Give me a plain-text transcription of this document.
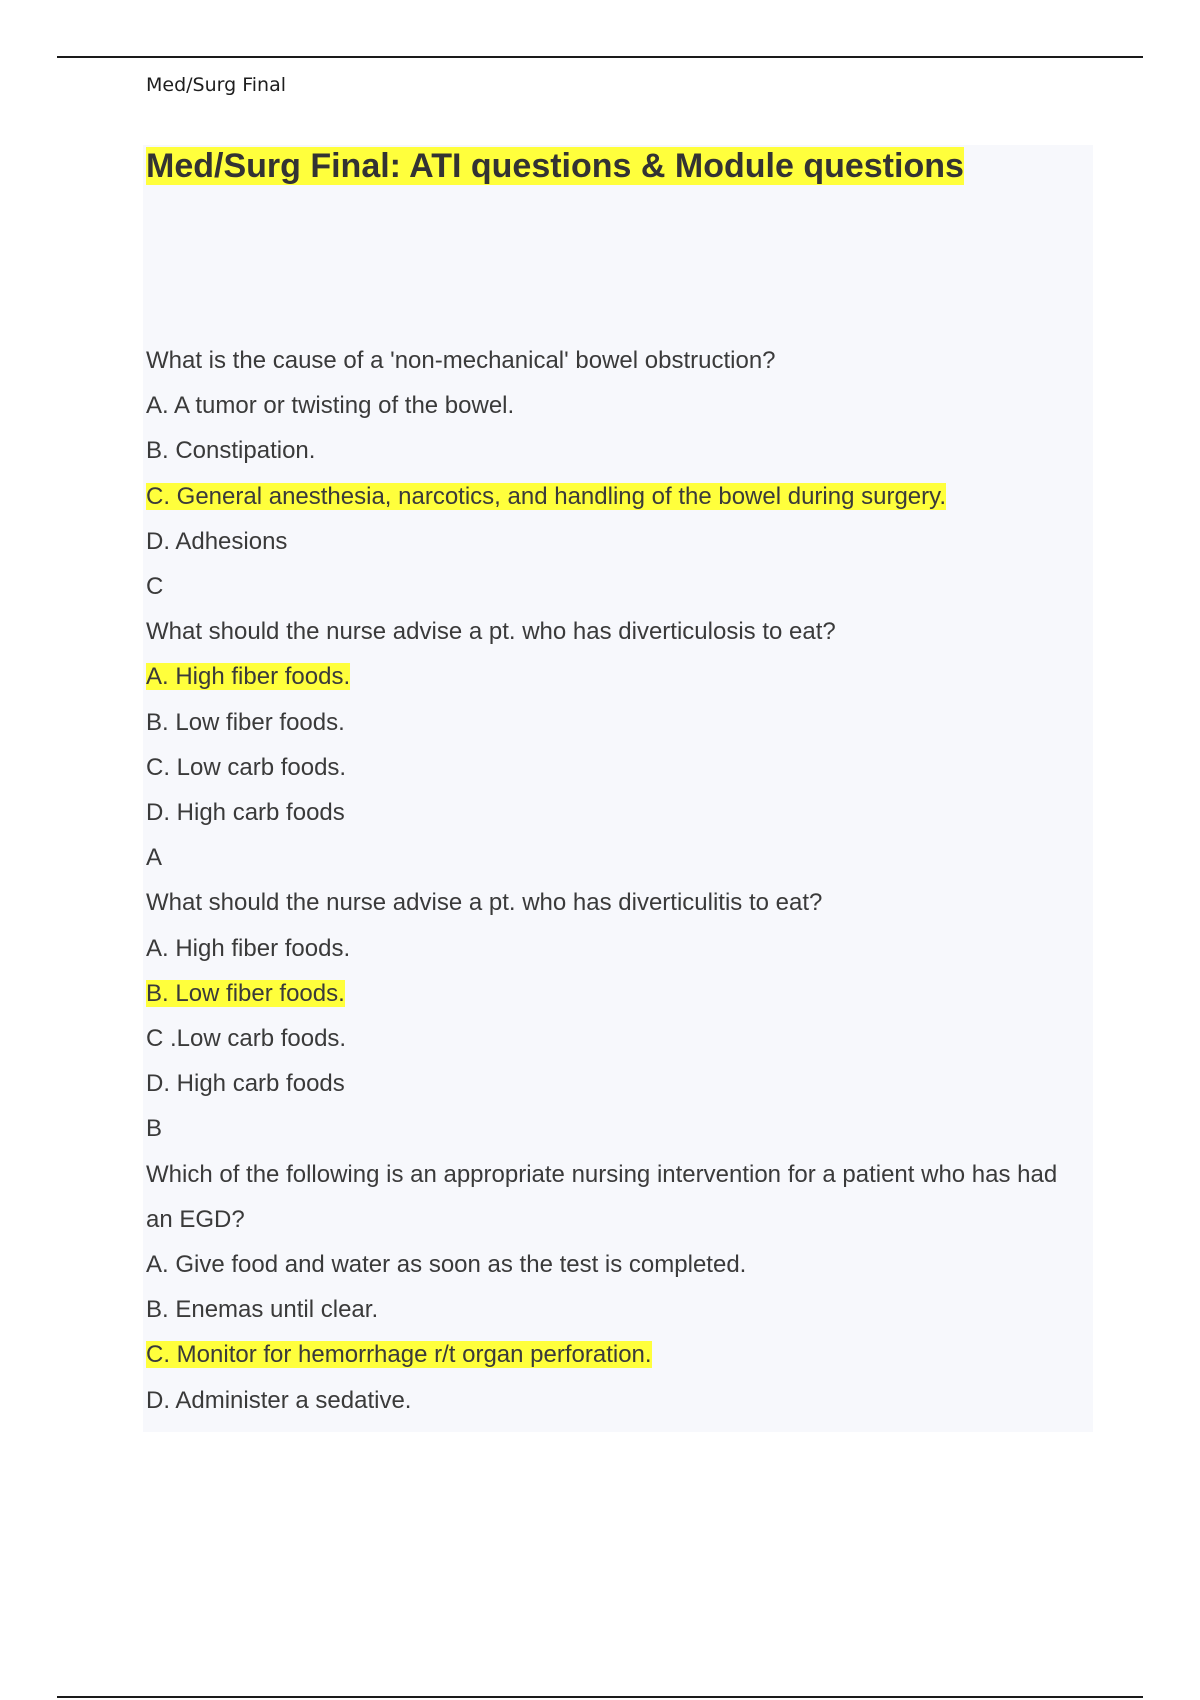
Med/Surg Final
Med/Surg Final: ATI questions & Module questions
What is the cause of a 'non-mechanical' bowel obstruction?
A. A tumor or twisting of the bowel.
B. Constipation.
C. General anesthesia, narcotics, and handling of the bowel during surgery.
D. Adhesions
C
What should the nurse advise a pt. who has diverticulosis to eat?
A. High fiber foods.
B. Low fiber foods.
C. Low carb foods.
D. High carb foods
A
What should the nurse advise a pt. who has diverticulitis to eat?
A. High fiber foods.
B. Low fiber foods.
C .Low carb foods.
D. High carb foods
B
Which of the following is an appropriate nursing intervention for a patient who has had an EGD?
A. Give food and water as soon as the test is completed.
B. Enemas until clear.
C. Monitor for hemorrhage r/t organ perforation.
D. Administer a sedative.
